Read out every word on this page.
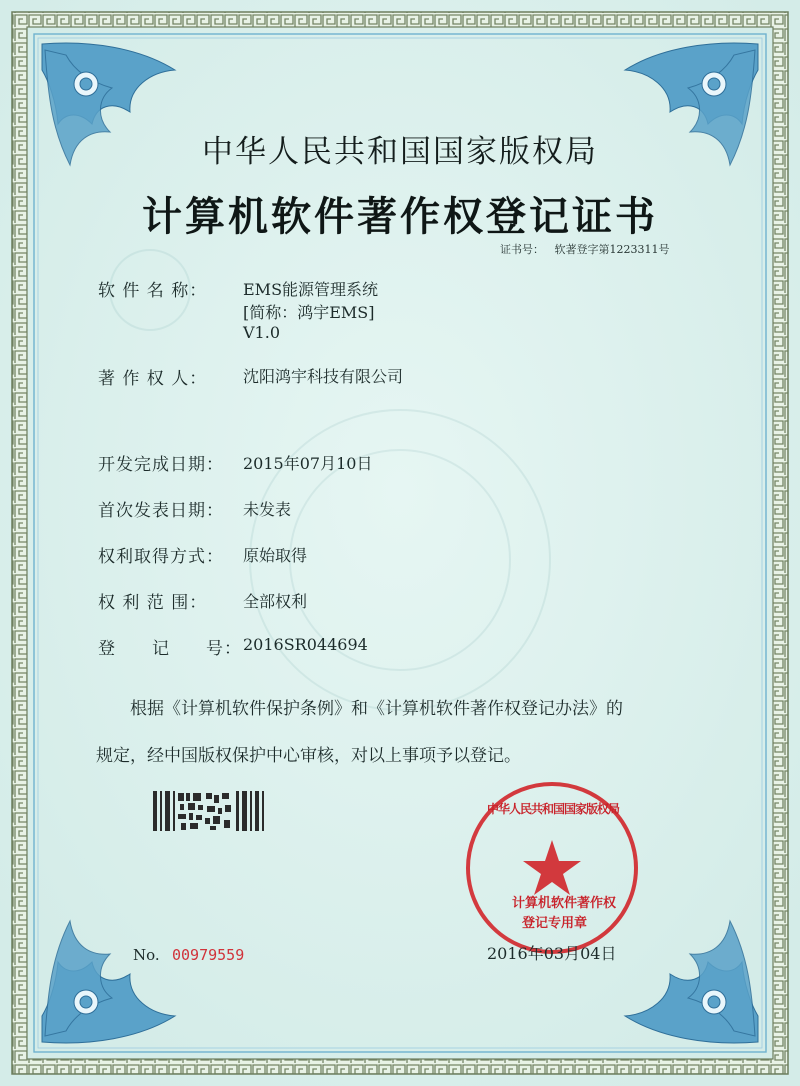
中华人民共和国国家版权局
计算机软件著作权登记证书
证书号： 软著登字第1223311号
软 件 名 称： EMS能源管理系统
[简称：鸿宇EMS]
V1.0
著 作 权 人： 沈阳鸿宇科技有限公司
开发完成日期： 2015年07月10日
首次发表日期： 未发表
权利取得方式： 原始取得
权 利 范 围： 全部权利
登　　记　　号： 2016SR044694
根据《计算机软件保护条例》和《计算机软件著作权登记办法》的
规定，经中国版权保护中心审核，对以上事项予以登记。
计算机软件著作权
登记专用章
中华人民共和国国家版权局
No. 00979559	2016年03月04日
